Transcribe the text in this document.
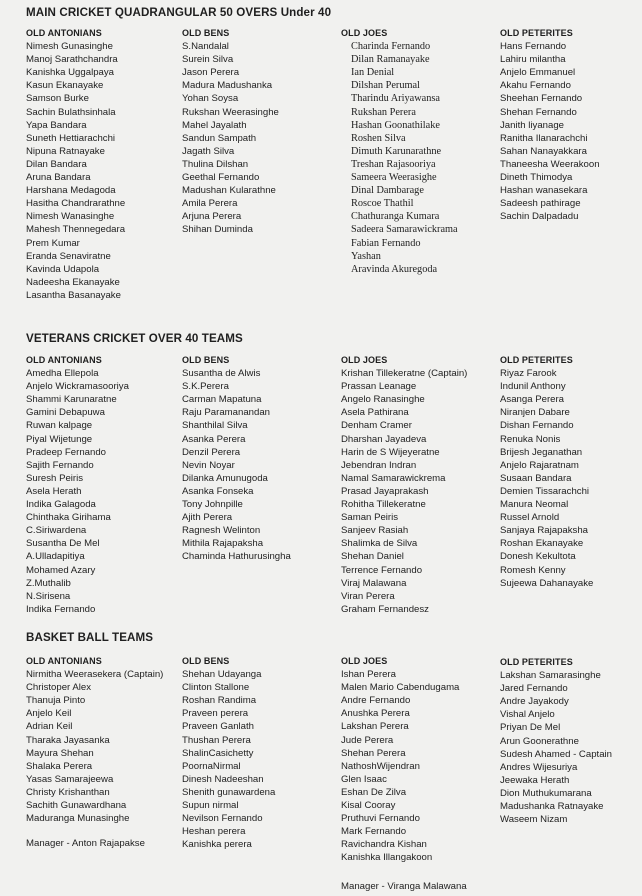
MAIN CRICKET QUADRANGULAR 50 OVERS Under 40
OLD ANTONIANS
Nimesh Gunasinghe
Manoj Sarathchandra
Kanishka Uggalpaya
Kasun Ekanayake
Samson Burke
Sachin Bulathsinhala
Yapa Bandara
Suneth Hettiarachchi
Nipuna Ratnayake
Dilan Bandara
Aruna Bandara
Harshana Medagoda
Hasitha Chandrarathne
Nimesh Wanasinghe
Mahesh Thennegedara
Prem Kumar
Eranda Senaviratne
Kavinda Udapola
Nadeesha Ekanayake
Lasantha Basanayake
OLD BENS
S.Nandalal
Surein Silva
Jason Perera
Madura Madushanka
Yohan Soysa
Rukshan Weerasinghe
Mahel Jayalath
Sandun Sampath
Jagath Silva
Thulina Dilshan
Geethal Fernando
Madushan Kularathne
Amila Perera
Arjuna Perera
Shihan Duminda
OLD JOES
Charinda Fernando
Dilan Ramanayake
Ian Denial
Dilshan Perumal
Tharindu Ariyawansa
Rukshan Perera
Hashan Goonathilake
Roshen Silva
Dimuth Karunarathne
Treshan Rajasooriya
Sameera Weerasighe
Dinal Dambarage
Roscoe Thathil
Chathuranga Kumara
Sadeera Samarawickrama
Fabian Fernando
Yashan
Aravinda Akuregoda
OLD PETERITES
Hans Fernando
Lahiru milantha
Anjelo Emmanuel
Akahu Fernando
Sheehan Fernando
Shehan Fernando
Janith liyanage
Ranitha Ilanarachchi
Sahan Nanayakkara
Thaneesha Weerakoon
Dineth Thimodya
Hashan wanasekara
Sadeesh pathirage
Sachin Dalpadadu
VETERANS CRICKET OVER 40 TEAMS
OLD ANTONIANS
Amedha Ellepola
Anjelo Wickramasooriya
Shammi Karunaratne
Gamini Debapuwa
Ruwan kalpage
Piyal Wijetunge
Pradeep Fernando
Sajith Fernando
Suresh Peiris
Asela Herath
Indika Galagoda
Chinthaka Girihama
C.Siriwardena
Susantha De Mel
A.Ulladapitiya
Mohamed Azary
Z.Muthalib
N.Sirisena
Indika Fernando
OLD BENS
Susantha de Alwis
S.K.Perera
Carman Mapatuna
Raju Paramanandan
Shanthilal Silva
Asanka Perera
Denzil Perera
Nevin Noyar
Dilanka Amunugoda
Asanka Fonseka
Tony Johnpille
Ajith Perera
Ragnesh Welinton
Mithila Rajapaksha
Chaminda Hathurusingha
OLD JOES
Krishan Tillekeratne (Captain)
Prassan Leanage
Angelo Ranasinghe
Asela Pathirana
Denham Cramer
Dharshan Jayadeva
Harin de S Wijeyeratne
Jebendran Indran
Namal Samarawickrema
Prasad Jayaprakash
Rohitha Tillekeratne
Saman Peiris
Sanjeev Rasiah
Shalimka de Silva
Shehan Daniel
Terrence Fernando
Viraj Malawana
Viran Perera
Graham Fernandesz
OLD PETERITES
Riyaz Farook
Indunil Anthony
Asanga Perera
Niranjen Dabare
Dishan Fernando
Renuka Nonis
Brijesh Jeganathan
Anjelo Rajaratnam
Susaan Bandara
Demien Tissarachchi
Manura Neomal
Russel Arnold
Sanjaya Rajapaksha
Roshan Ekanayake
Donesh Kekultota
Romesh Kenny
Sujeewa Dahanayake
BASKET BALL TEAMS
OLD ANTONIANS
Nirmitha Weerasekera (Captain)
Christoper Alex
Thanuja Pinto
Anjelo Keil
Adrian Keil
Tharaka Jayasanka
Mayura Shehan
Shalaka Perera
Yasas Samarajeewa
Christy Krishanthan
Sachith Gunawardhana
Maduranga Munasinghe
OLD BENS
Shehan Udayanga
Clinton Stallone
Roshan Randima
Praveen perera
Praveen Ganlath
Thushan Perera
ShalinCasichetty
PoornaNirmal
Dinesh Nadeeshan
Shenith gunawardena
Supun nirmal
Nevilson Fernando
Heshan perera
Kanishka perera
OLD JOES
Ishan Perera
Malen Mario Cabendugama
Andre Fernando
Anushka Perera
Lakshan Perera
Jude Perera
Shehan Perera
NathoshWijendran
Glen Isaac
Eshan De Zilva
Kisal Cooray
Pruthuvi Fernando
Mark Fernando
Ravichandra Kishan
Kanishka Illangakoon
OLD PETERITES
Lakshan Samarasinghe
Jared Fernando
Andre Jayakody
Vishal Anjelo
Priyan De Mel
Arun Goonerathne
Sudesh Ahamed - Captain
Andres Wijesuriya
Jeewaka Herath
Dion Muthukumarana
Madushanka Ratnayake
Waseem Nizam
Manager - Anton Rajapakse
Manager - Viranga Malawana
